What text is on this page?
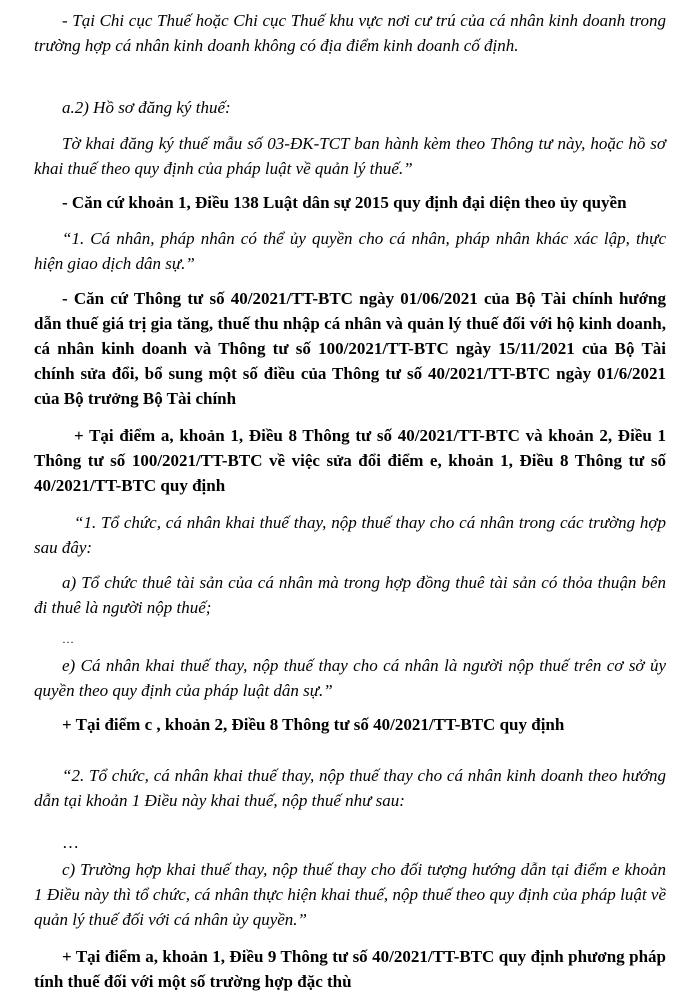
- Tại Chi cục Thuế hoặc Chi cục Thuế khu vực nơi cư trú của cá nhân kinh doanh trong trường hợp cá nhân kinh doanh không có địa điểm kinh doanh cố định.

a.2) Hồ sơ đăng ký thuế:

Tờ khai đăng ký thuế mẫu số 03-ĐK-TCT ban hành kèm theo Thông tư này, hoặc hồ sơ khai thuế theo quy định của pháp luật về quản lý thuế.”

- Căn cứ khoản 1, Điều 138 Luật dân sự 2015 quy định đại diện theo ủy quyền

“1. Cá nhân, pháp nhân có thể ủy quyền cho cá nhân, pháp nhân khác xác lập, thực hiện giao dịch dân sự.”

- Căn cứ Thông tư số 40/2021/TT-BTC ngày 01/06/2021 của Bộ Tài chính hướng dẫn thuế giá trị gia tăng, thuế thu nhập cá nhân và quản lý thuế đối với hộ kinh doanh, cá nhân kinh doanh và Thông tư số 100/2021/TT-BTC ngày 15/11/2021 của Bộ Tài chính sửa đổi, bổ sung một số điều của Thông tư số 40/2021/TT-BTC ngày 01/6/2021 của Bộ trưởng Bộ Tài chính

+ Tại điểm a, khoản 1, Điều 8 Thông tư số 40/2021/TT-BTC và khoản 2, Điều 1 Thông tư số 100/2021/TT-BTC về việc sửa đổi điểm e, khoản 1, Điều 8 Thông tư số 40/2021/TT-BTC quy định

“1. Tổ chức, cá nhân khai thuế thay, nộp thuế thay cho cá nhân trong các trường hợp sau đây:

a) Tổ chức thuê tài sản của cá nhân mà trong hợp đồng thuê tài sản có thỏa thuận bên đi thuê là người nộp thuế;

…

e) Cá nhân khai thuế thay, nộp thuế thay cho cá nhân là người nộp thuế trên cơ sở ủy quyền theo quy định của pháp luật dân sự.”

+ Tại điểm c , khoản 2, Điều 8 Thông tư số 40/2021/TT-BTC quy định

“2. Tổ chức, cá nhân khai thuế thay, nộp thuế thay cho cá nhân kinh doanh theo hướng dẫn tại khoản 1 Điều này khai thuế, nộp thuế như sau:

…

c) Trường hợp khai thuế thay, nộp thuế thay cho đối tượng hướng dẫn tại điểm e khoản 1 Điều này thì tổ chức, cá nhân thực hiện khai thuế, nộp thuế theo quy định của pháp luật về quản lý thuế đối với cá nhân ủy quyền.”

+ Tại điểm a, khoản 1, Điều 9 Thông tư số 40/2021/TT-BTC quy định phương pháp tính thuế đối với một số trường hợp đặc thù
